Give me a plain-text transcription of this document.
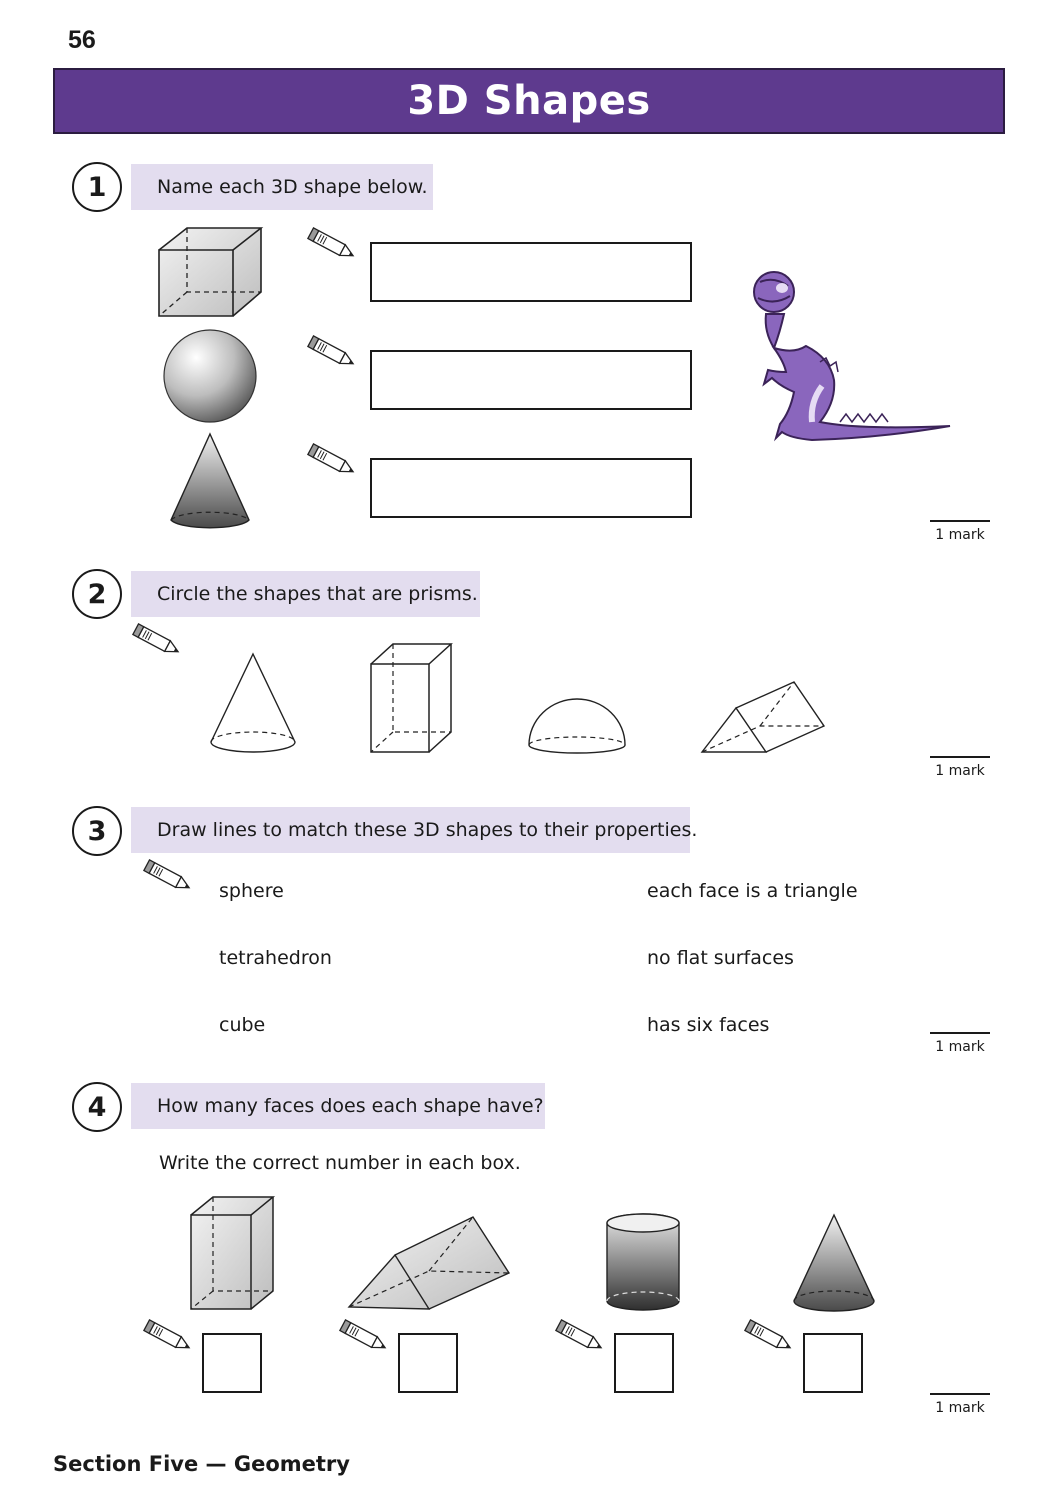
56
3D Shapes
1	Name each 3D shape below.
1 mark
2	Circle the shapes that are prisms.
1 mark
3	Draw lines to match these 3D shapes to their properties.
sphere
tetrahedron
cube
each face is a triangle
no flat surfaces
has six faces
1 mark
4	How many faces does each shape have?
Write the correct number in each box.
1 mark
Section Five — Geometry
